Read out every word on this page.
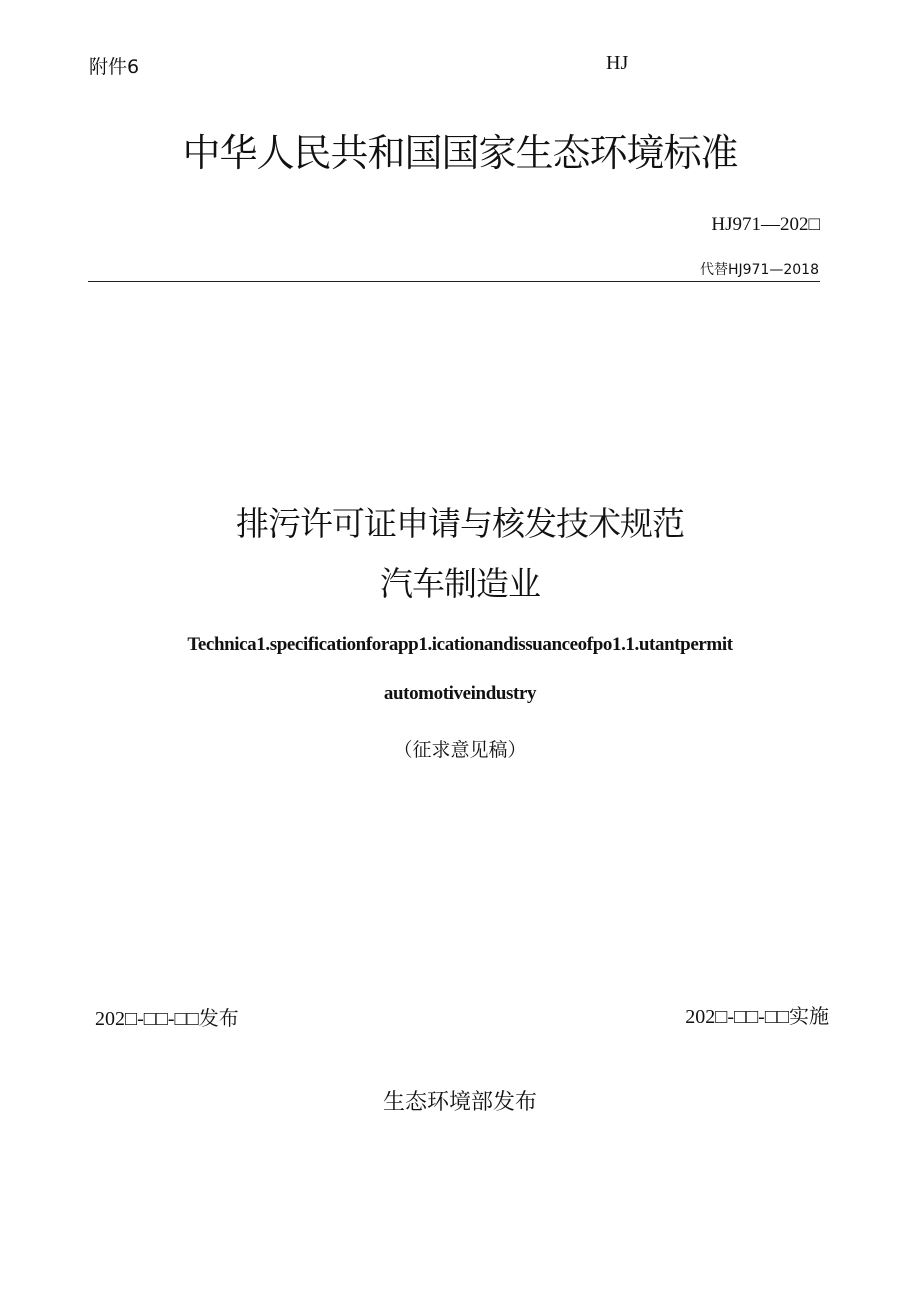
附件6	HJ
中华人民共和国国家生态环境标准
HJ971—202□
代替HJ971—2018
排污许可证申请与核发技术规范
汽车制造业
Technica1.specificationforapp1.icationandissuanceofpo1.1.utantpermit
automotiveindustry
（征求意见稿）
202□-□□-□□发布	202□-□□-□□实施
生态环境部发布
